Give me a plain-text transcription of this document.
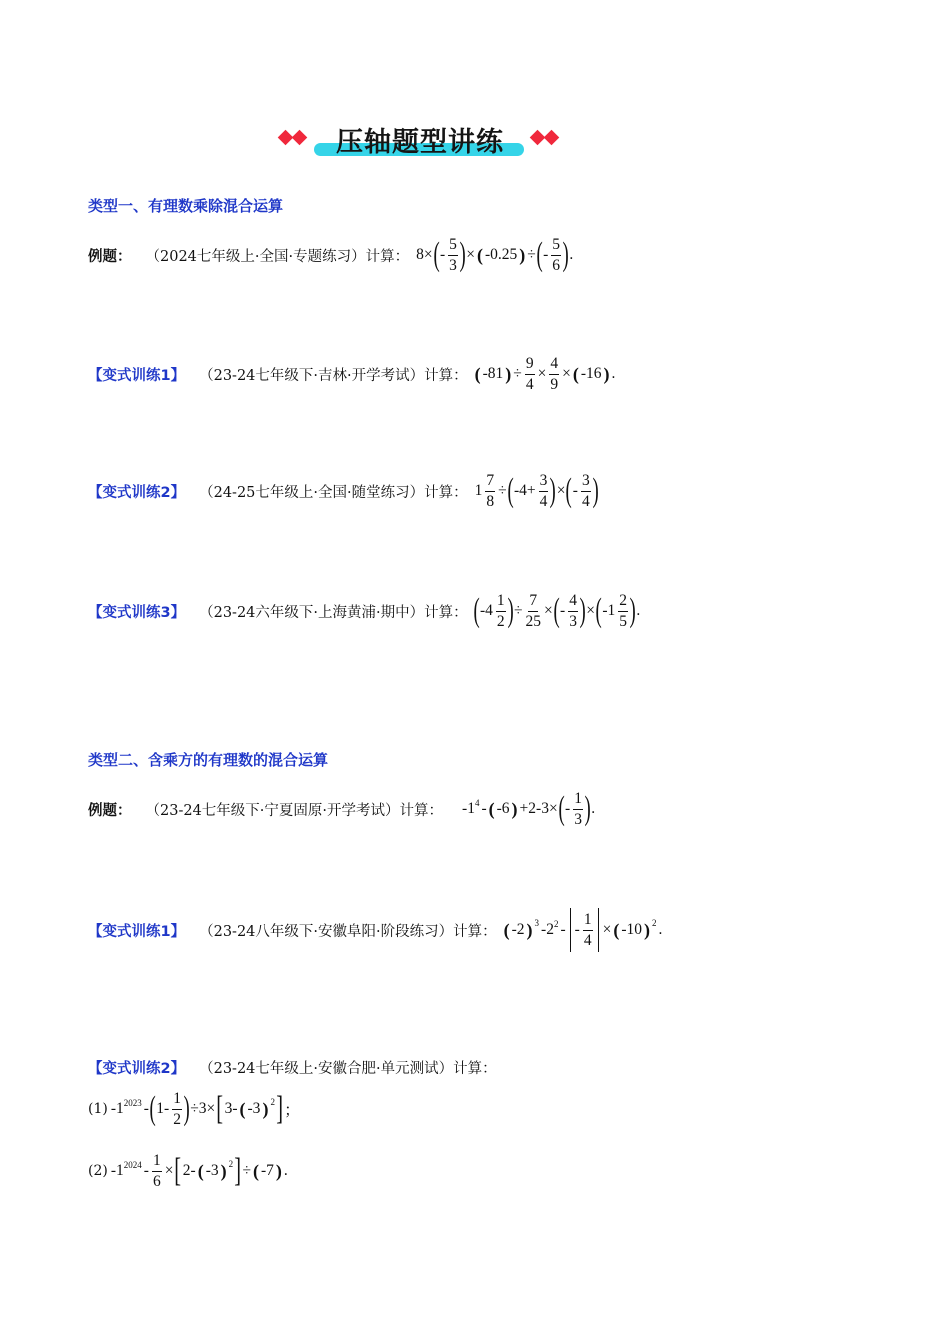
压轴题型讲练
类型一、有理数乘除混合运算
例题： （2024七年级上·全国·专题练习） 计算： 8× ( - $\frac{5}{3}$ ) × ( -0.25 ) ÷ ( - $\frac{5}{6}$ ) .
【变式训练1】 （23-24七年级下·吉林·开学考试） 计算： ( -81 ) ÷ $\frac{9}{4} \times \frac{4}{9}$ × ( -16 ) .
【变式训练2】 （24-25七年级上·全国·随堂练习） 计算： $1 \frac{7}{8}$ ÷ ( $-4+ \frac{3}{4}$ ) × ( - $\frac{3}{4}$ )
【变式训练3】 （23-24六年级下·上海黄浦·期中） 计算： ( $-4 \frac{1}{2}$ ) ÷ $\frac{7}{25}$ × ( - $\frac{4}{3}$ ) × ( $-1 \frac{2}{5}$ ) .
类型二、含乘方的有理数的混合运算
例题： （23-24七年级下·宁夏固原·开学考试） 计算： $-1^4$ - ( -6 ) +2-3× ( - $\frac{1}{3}$ ) .
【变式训练1】 （23-24八年级下·安徽阜阳·阶段练习） 计算： ( -2 )$^3$ $-2^2$ - - $\frac{1}{4}$ × ( -10 )$^2$ .
【变式训练2】 （23-24七年级上·安徽合肥·单元测试） 计算：
(1) $-1^{2023}$ - ( $1- \frac{1}{2}$ ) ÷3× [ 3- ( -3 )$^2$ ] ；
(2) $-1^{2024} - \frac{1}{6}$ × [ 2- ( -3 )$^2$ ] ÷ ( -7 ) .
